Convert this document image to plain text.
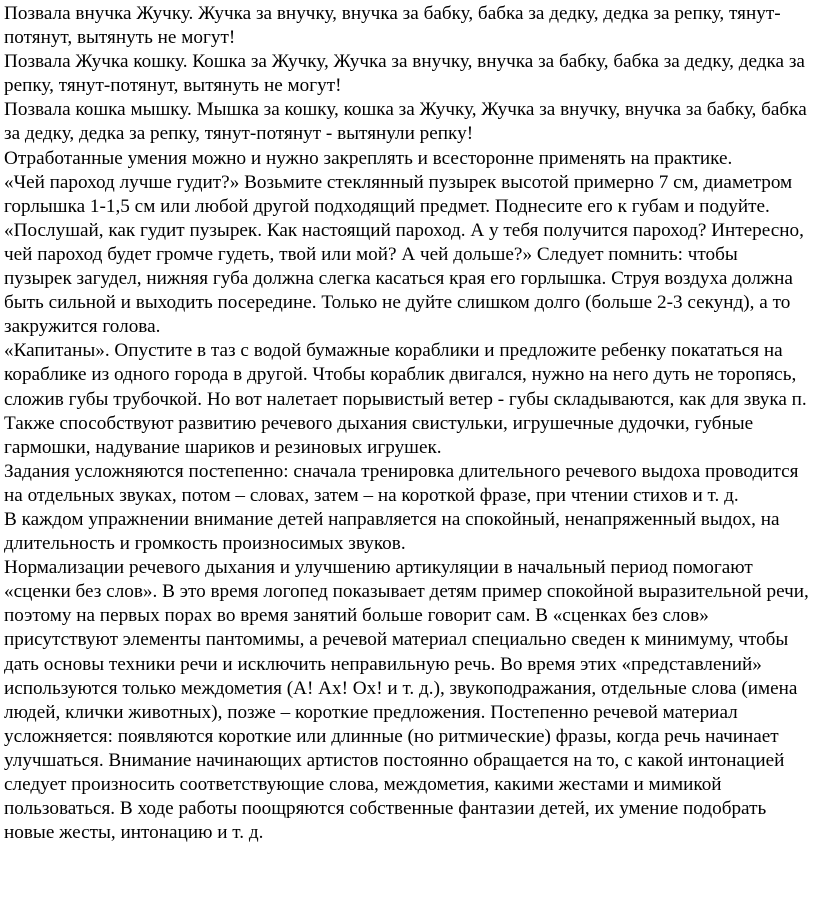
Позвала внучка Жучку. Жучка за внучку, внучка за бабку, бабка за дедку, дедка за репку, тянут-потянут, вытянуть не могут!

Позвала Жучка кошку. Кошка за Жучку, Жучка за внучку, внучка за бабку, бабка за дедку, дедка за репку, тянут-потянут, вытянуть не могут!

Позвала кошка мышку. Мышка за кошку, кошка за Жучку, Жучка за внучку, внучка за бабку, бабка за дедку, дедка за репку, тянут-потянут - вытянули репку!

Отработанные умения можно и нужно закреплять и всесторонне применять на практике.

«Чей пароход лучше гудит?» Возьмите стеклянный пузырек высотой примерно 7 см, диаметром горлышка 1-1,5 см или любой другой подходящий предмет. Поднесите его к губам и подуйте. «Послушай, как гудит пузырек. Как настоящий пароход. А у тебя получится пароход? Интересно, чей пароход будет громче гудеть, твой или мой? А чей дольше?» Следует помнить: чтобы пузырек загудел, нижняя губа должна слегка касаться края его горлышка. Струя воздуха должна быть сильной и выходить посередине. Только не дуйте слишком долго (больше 2-3 секунд), а то закружится голова.

«Капитаны». Опустите в таз с водой бумажные кораблики и предложите ребенку покататься на кораблике из одного города в другой. Чтобы кораблик двигался, нужно на него дуть не торопясь, сложив губы трубочкой. Но вот налетает порывистый ветер - губы складываются, как для звука п.

Также способствуют развитию речевого дыхания свистульки, игрушечные дудочки, губные гармошки, надувание шариков и резиновых игрушек.

Задания усложняются постепенно: сначала тренировка длительного речевого выдоха проводится на отдельных звуках, потом – словах, затем – на короткой фразе, при чтении стихов и т. д.

В каждом упражнении внимание детей направляется на спокойный, ненапряженный выдох, на длительность и громкость произносимых звуков.

Нормализации речевого дыхания и улучшению артикуляции в начальный период помогают «сценки без слов». В это время логопед показывает детям пример спокойной выразительной речи, поэтому на первых порах во время занятий больше говорит сам. В «сценках без слов» присутствуют элементы пантомимы, а речевой материал специально сведен к минимуму, чтобы дать основы техники речи и исключить неправильную речь. Во время этих «представлений» используются только междометия (А! Ах! Ох! и т. д.), звукоподражания, отдельные слова (имена людей, клички животных), позже – короткие предложения. Постепенно речевой материал усложняется: появляются короткие или длинные (но ритмические) фразы, когда речь начинает улучшаться. Внимание начинающих артистов постоянно обращается на то, с какой интонацией следует произносить соответствующие слова, междометия, какими жестами и мимикой пользоваться. В ходе работы поощряются собственные фантазии детей, их умение подобрать новые жесты, интонацию и т. д.
